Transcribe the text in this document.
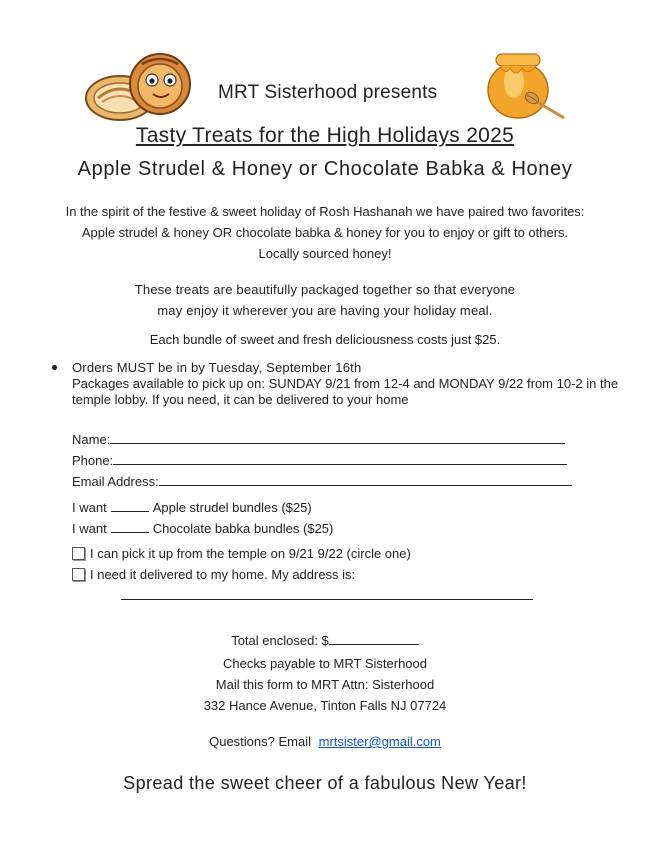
MRT Sisterhood presents
Tasty Treats for the High Holidays 2025
Apple Strudel & Honey or Chocolate Babka & Honey
In the spirit of the festive & sweet holiday of Rosh Hashanah we have paired two favorites:
Apple strudel & honey OR chocolate babka & honey for you to enjoy or gift to others.
Locally sourced honey!
These treats are beautifully packaged together so that everyone
may enjoy it wherever you are having your holiday meal.
Each bundle of sweet and fresh deliciousness costs just $25.
Orders MUST be in by Tuesday, September 16th
Packages available to pick up on: SUNDAY 9/21 from 12-4 and MONDAY 9/22 from 10-2 in the temple lobby. If you need, it can be delivered to your home
Name:
Phone:
Email Address:
I want	Apple strudel bundles ($25)
I want	Chocolate babka bundles ($25)
I can pick it up from the temple on 9/21 9/22 (circle one)
I need it delivered to my home. My address is:
Total enclosed: $
Checks payable to MRT Sisterhood
Mail this form to MRT Attn: Sisterhood
332 Hance Avenue, Tinton Falls NJ 07724
Questions? Email mrtsister@gmail.com
Spread the sweet cheer of a fabulous New Year!
